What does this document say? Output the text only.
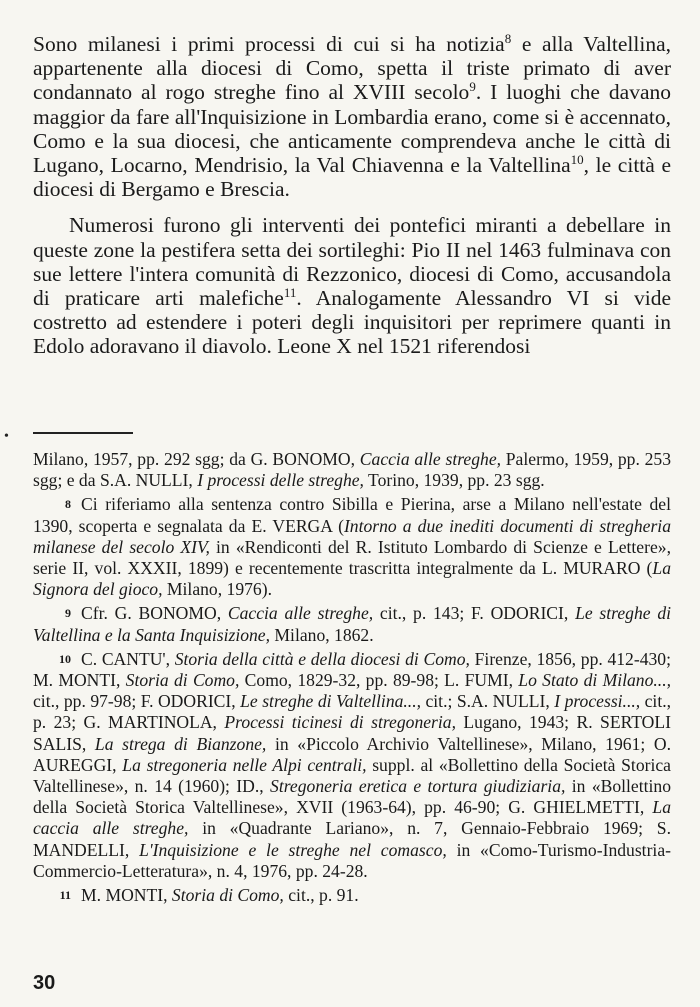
Sono milanesi i primi processi di cui si ha notizia$^8$ e alla Valtellina, appartenente alla diocesi di Como, spetta il triste primato di aver condannato al rogo streghe fino al XVIII secolo$^9$. I luoghi che davano maggior da fare all'Inquisizione in Lombardia erano, come si è accennato, Como e la sua diocesi, che anticamente comprendeva anche le città di Lugano, Locarno, Mendrisio, la Val Chiavenna e la Valtellina$^{10}$, le città e diocesi di Bergamo e Brescia.

Numerosi furono gli interventi dei pontefici miranti a debellare in queste zone la pestifera setta dei sortileghi: Pio II nel 1463 fulminava con sue lettere l'intera comunità di Rezzonico, diocesi di Como, accusandola di praticare arti malefiche$^{11}$. Analogamente Alessandro VI si vide costretto ad estendere i poteri degli inquisitori per reprimere quanti in Edolo adoravano il diavolo. Leone X nel 1521 riferendosi

•

Milano, 1957, pp. 292 sgg; da G. BONOMO, Caccia alle streghe, Palermo, 1959, pp. 253 sgg; e da S.A. NULLI, I processi delle streghe, Torino, 1939, pp. 23 sgg.

8 Ci riferiamo alla sentenza contro Sibilla e Pierina, arse a Milano nell'estate del 1390, scoperta e segnalata da E. VERGA (Intorno a due inediti documenti di stregheria milanese del secolo XIV, in «Rendiconti del R. Istituto Lombardo di Scienze e Lettere», serie II, vol. XXXII, 1899) e recentemente trascritta integralmente da L. MURARO (La Signora del gioco, Milano, 1976).

9 Cfr. G. BONOMO, Caccia alle streghe, cit., p. 143; F. ODORICI, Le streghe di Valtellina e la Santa Inquisizione, Milano, 1862.

10 C. CANTU', Storia della città e della diocesi di Como, Firenze, 1856, pp. 412-430; M. MONTI, Storia di Como, Como, 1829-32, pp. 89-98; L. FUMI, Lo Stato di Milano..., cit., pp. 97-98; F. ODORICI, Le streghe di Valtellina..., cit.; S.A. NULLI, I processi..., cit., p. 23; G. MARTINOLA, Processi ticinesi di stregoneria, Lugano, 1943; R. SERTOLI SALIS, La strega di Bianzone, in «Piccolo Archivio Valtellinese», Milano, 1961; O. AUREGGI, La stregoneria nelle Alpi centrali, suppl. al «Bollettino della Società Storica Valtellinese», n. 14 (1960); ID., Stregoneria eretica e tortura giudiziaria, in «Bollettino della Società Storica Valtellinese», XVII (1963-64), pp. 46-90; G. GHIELMETTI, La caccia alle streghe, in «Quadrante Lariano», n. 7, Gennaio-Febbraio 1969; S. MANDELLI, L'Inquisizione e le streghe nel comasco, in «Como-Turismo-Industria-Commercio-Letteratura», n. 4, 1976, pp. 24-28.

11 M. MONTI, Storia di Como, cit., p. 91.

30
